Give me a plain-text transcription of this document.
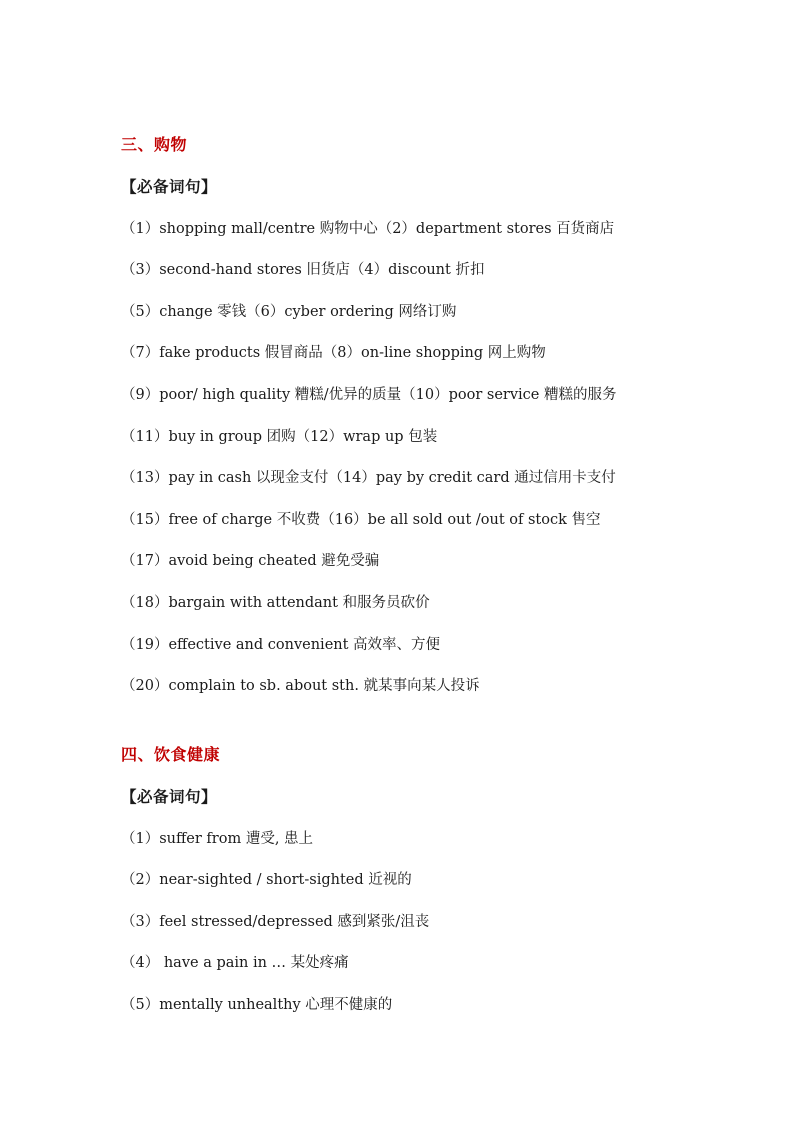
三、购物
【必备词句】
（1）shopping mall/centre 购物中心（2）department stores 百货商店
（3）second-hand stores 旧货店（4）discount 折扣
（5）change 零钱（6）cyber ordering 网络订购
（7）fake products 假冒商品（8）on-line shopping 网上购物
（9）poor/ high quality 糟糕/优异的质量（10）poor service 糟糕的服务
（11）buy in group 团购（12）wrap up 包装
（13）pay in cash 以现金支付（14）pay by credit card 通过信用卡支付
（15）free of charge 不收费（16）be all sold out /out of stock 售空
（17）avoid being cheated 避免受骗
（18）bargain with attendant 和服务员砍价
（19）effective and convenient 高效率、方便
（20）complain to sb. about sth. 就某事向某人投诉
四、饮食健康
【必备词句】
（1）suffer from 遭受, 患上
（2）near-sighted / short-sighted 近视的
（3）feel stressed/depressed 感到紧张/沮丧
（4） have a pain in … 某处疼痛
（5）mentally unhealthy 心理不健康的
